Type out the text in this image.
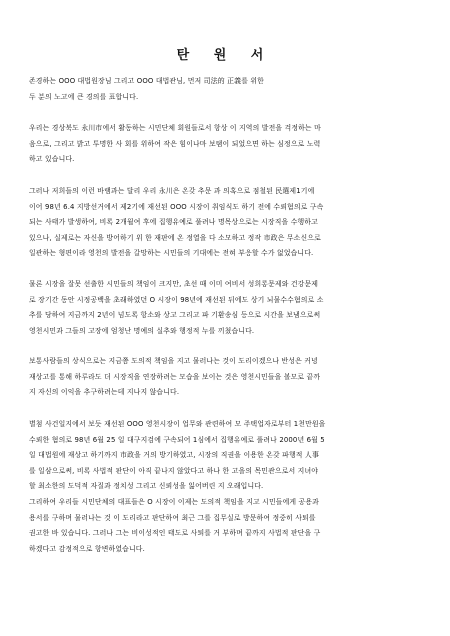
탄 원 서
존경하는 OOO 대법원장님 그리고 OOO 대법관님, 먼저 司法的 正義를 위한
두 분의 노고에 큰 경의를 표합니다.
우리는 경상북도 永川市에서 활동하는 시민단체 회원들로서 항상 이 지역의 발전을 걱정하는 마
음으로, 그리고 밝고 투명한 사 회를 위하여 작은 힘이나마 보탬이 되었으면 하는 심정으로 노력
하고 있습니다.
그러나 저희들의 이런 바램과는 달리 우리 永川은 온갖 추문 과 의혹으로 점철된 民選제1기에
이어 98년 6.4 지방선거에서 제2기에 재선된 OOO 시장이 취임식도 하기 전에 수뢰혐의로 구속
되는 사태가 발생하여, 비록 2개월여 후에 집행유예로 풀려나 명목상으로는 시장직을 수행하고
있으나, 실제로는 자신을 방어하기 위 한 재판에 온 정열을 다 소모하고 정작 市政은 무소신으로
일관하는 형편이라 영천의 발전을 갈망하는 시민들의 기대에는 전혀 부응할 수가 없었습니다.
물론 시장을 잘못 선출한 시민들의 책임이 크지만, 초선 때 이미 여비서 성희롱문제와 건강문제
로 장기간 동안 시정공백을 초래하였던 O 시장이 98년에 재선된 뒤에도 상기 뇌물수수혐의로 소
추를 당하여 지금까지 2년이 넘도록 항소와 상고 그리고 파 기환송심 등으로 시간을 보냄으로써
영천시민과 그들의 고장에 엄청난 명예의 실추와 행정적 누를 끼쳤습니다.
보통사람들의 상식으로는 지금쯤 도의적 책임을 지고 물러나는 것이 도리이겠으나 반성은 커녕
재상고를 통해 하루라도 더 시장직을 연장하려는 모습을 보이는 것은 영천시민들을 볼모로 끝까
지 자신의 이익을 추구하려는데 지나지 않습니다.
별첨 사건일지에서 보듯 재선된 OOO 영천시장이 업무와 관련하여 모 주택업자로부터 1천만원을
수뢰한 혐의로 98년 6월 25 일 대구지검에 구속되어 1심에서 집행유예로 풀려나 2000년 6월 5
일 대법원에 재상고 하기까지 市政을 거의 방기하였고, 시장의 직권을 이용한 온갖 파행적 人事
를 일삼으로써, 비록 사법적 판단이 아직 끝나지 않았다고 하나 한 고을의 목민관으로서 지녀야
할 최소한의 도덕적 자질과 정치성 그리고 신뢰성을 잃어버린 지 오래입니다.
그리하여 우리들 시민단체의 대표들은 O 시장이 이제는 도의적 책임을 지고 시민들에게 공용과
용서를 구하며 물러나는 것 이 도리라고 판단하여 최근 그를 집무실로 방문하여 정중히 사퇴를
권고한 바 있습니다. 그러나 그는 비이성적인 태도로 사퇴를 거 부하며 끝까지 사법적 판단을 구
하겠다고 감정적으로 항변하였습니다.
